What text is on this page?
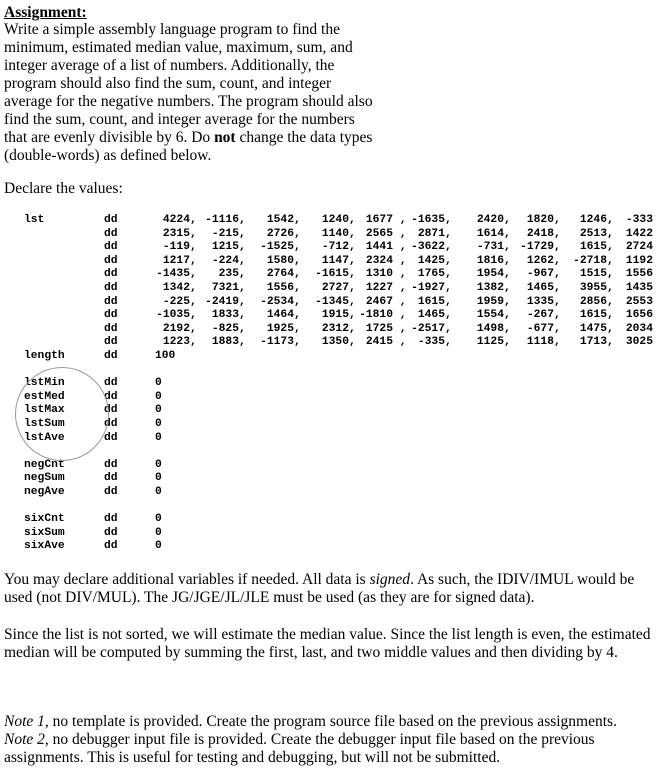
Assignment:
Write a simple assembly language program to find the minimum, estimated median value, maximum, sum, and integer average of a list of numbers. Additionally, the program should also find the sum, count, and integer average for the negative numbers. The program should also find the sum, count, and integer average for the numbers that are evenly divisible by 6. Do not change the data types (double-words) as defined below.
Declare the values:
lst	dd	4224 , -1116 ,	1542 ,	1240 , 1677 , -1635 ,	2420 ,	1820 ,	1246 ,	-333
dd	2315 ,	-215 ,	2726 ,	1140 , 2565 ,	2871 ,	1614 ,	2418 ,	2513 ,	1422
dd	-119 ,	1215 ,	-1525 ,	-712 , 1441 , -3622 ,	-731 , -1729 ,	1615 ,	2724
dd	1217 ,	-224 ,	1580 ,	1147 , 2324 ,	1425 ,	1816 ,	1262 ,	-2718 ,	1192
dd	-1435 ,	235 ,	2764 ,	-1615 , 1310 ,	1765 ,	1954 ,	-967 ,	1515 ,	1556
dd	1342 ,	7321 ,	1556 ,	2727 , 1227 , -1927 ,	1382 ,	1465 ,	3955 ,	1435
dd	-225 , -2419 ,	-2534 ,	-1345 , 2467 ,	1615 ,	1959 ,	1335 ,	2856 ,	2553
dd	-1035 ,	1833 ,	1464 ,	1915 , -1810 ,	1465 ,	1554 ,	-267 ,	1615 ,	1656
dd	2192 ,	-825 ,	1925 ,	2312 , 1725 , -2517 ,	1498 ,	-677 ,	1475 ,	2034
dd	1223 ,	1883 ,	-1173 ,	1350 , 2415 ,	-335 ,	1125 ,	1118 ,	1713 ,	3025
length	dd	100
lstMin	dd	0
estMed	dd	0
lstMax	dd	0
lstSum	dd	0
lstAve	dd	0
negCnt	dd	0
negSum	dd	0
negAve	dd	0
sixCnt	dd	0
sixSum	dd	0
sixAve	dd	0
You may declare additional variables if needed. All data is signed. As such, the IDIV/IMUL would be used (not DIV/MUL). The JG/JGE/JL/JLE must be used (as they are for signed data).
Since the list is not sorted, we will estimate the median value. Since the list length is even, the estimated median will be computed by summing the first, last, and two middle values and then dividing by 4.
Note 1, no template is provided. Create the program source file based on the previous assignments.
Note 2, no debugger input file is provided. Create the debugger input file based on the previous assignments. This is useful for testing and debugging, but will not be submitted.
